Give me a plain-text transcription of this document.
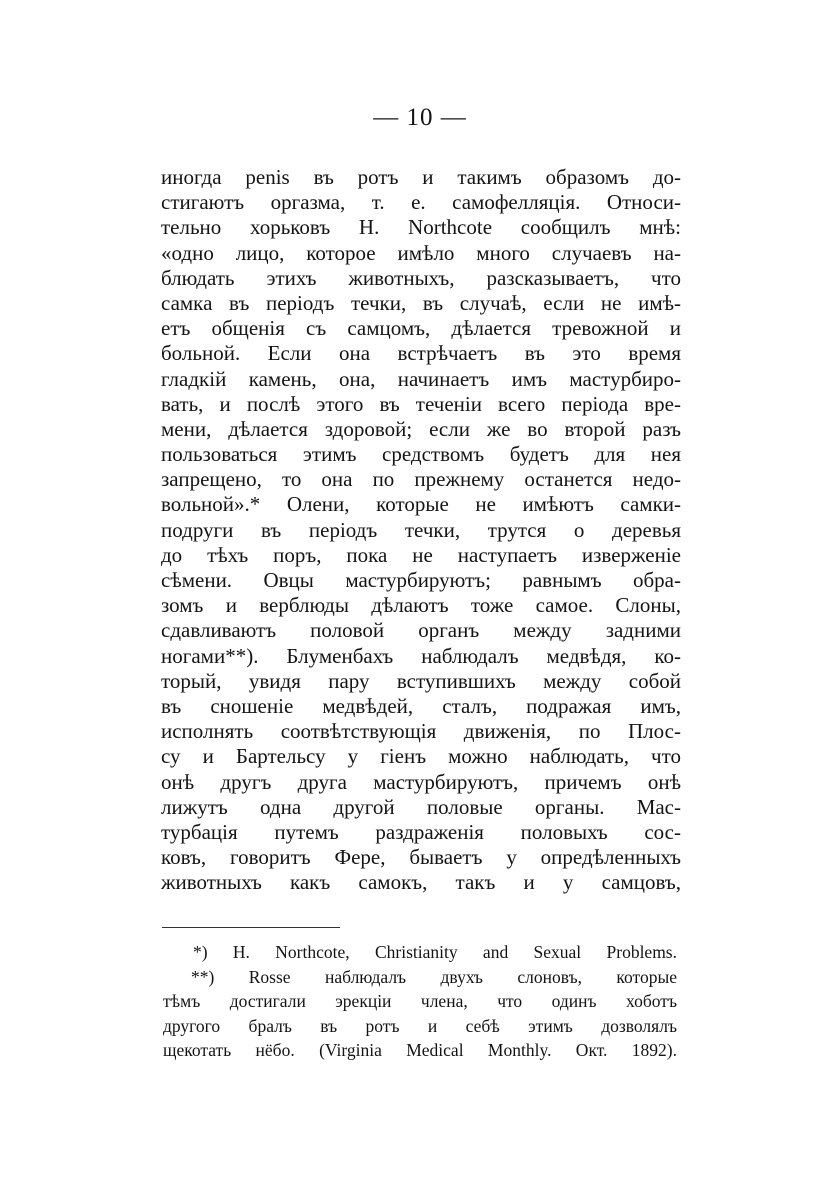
— 10 —
иногда penis въ ротъ и такимъ образомъ до-
стигаютъ оргазма, т. е. самофелляція. Относи-
тельно хорьковъ H. Northcote сообщилъ мнѣ:
«одно лицо, которое имѣло много случаевъ на-
блюдать этихъ животныхъ, разсказываетъ, что
самка въ періодъ течки, въ случаѣ, если не имѣ-
етъ общенія съ самцомъ, дѣлается тревожной и
больной. Если она встрѣчаетъ въ это время
гладкій камень, она, начинаетъ имъ мастурбиро-
вать, и послѣ этого въ теченіи всего періода вре-
мени, дѣлается здоровой; если же во второй разъ
пользоваться этимъ средствомъ будетъ для нея
запрещено, то она по прежнему останется недо-
вольной».* Олени, которые не имѣютъ самки-
подруги въ періодъ течки, трутся о деревья
до тѣхъ поръ, пока не наступаетъ изверженіе
сѣмени. Овцы мастурбируютъ; равнымъ обра-
зомъ и верблюды дѣлаютъ тоже самое. Слоны,
сдавливаютъ половой органъ между задними
ногами**). Блуменбахъ наблюдалъ медвѣдя, ко-
торый, увидя пару вступившихъ между собой
въ сношеніе медвѣдей, сталъ, подражая имъ,
исполнять соотвѣтствующія движенія, по Плос-
су и Бартельсу у гіенъ можно наблюдать, что
онѣ другъ друга мастурбируютъ, причемъ онѣ
лижутъ одна другой половые органы. Мас-
турбація путемъ раздраженія половыхъ сос-
ковъ, говоритъ Фере, бываетъ у опредѣленныхъ
животныхъ какъ самокъ, такъ и у самцовъ,
*) H. Northcote, Christianity and Sexual Problems.
**) Rosse наблюдалъ двухъ слоновъ, которые
тѣмъ достигали эрекціи члена, что одинъ хоботъ
другого бралъ въ ротъ и себѣ этимъ дозволялъ
щекотать нёбо. (Virginia Medical Monthly. Окт. 1892).
